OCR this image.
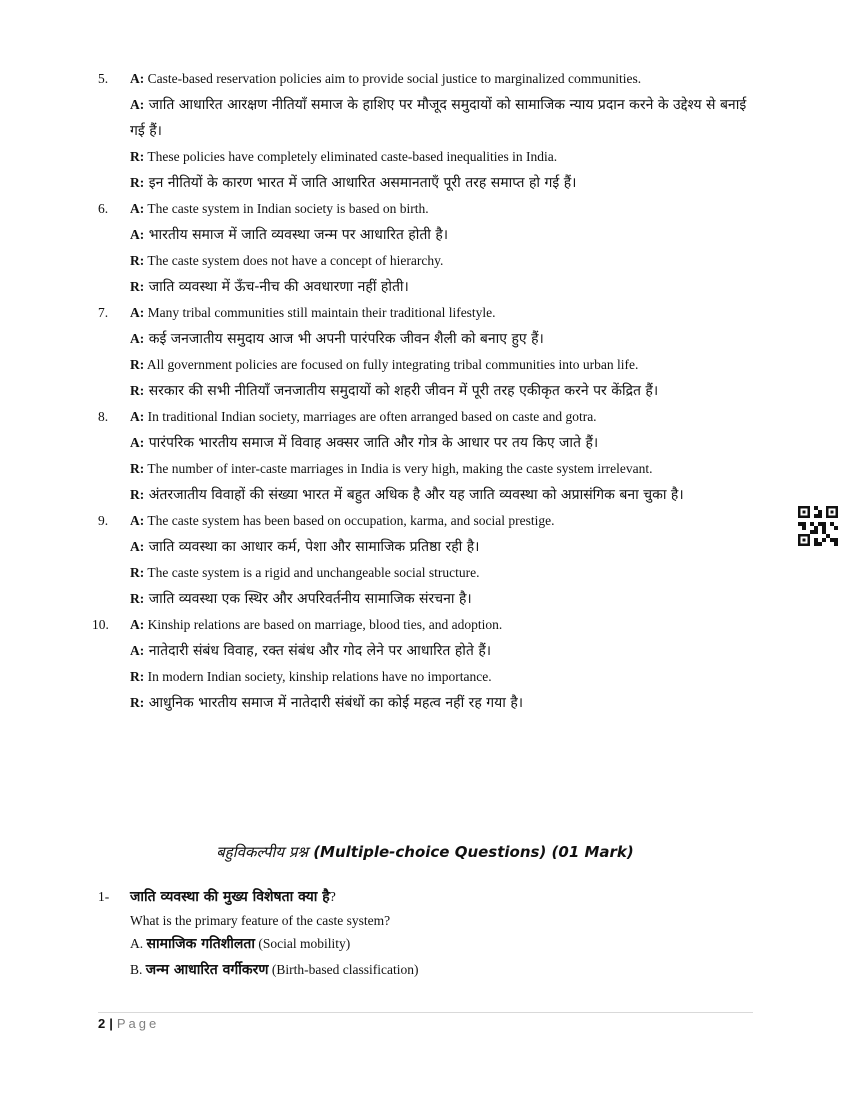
5.	A: Caste-based reservation policies aim to provide social justice to marginalized communities.
A: जाति आधारित आरक्षण नीतियाँ समाज के हाशिए पर मौजूद समुदायों को सामाजिक न्याय प्रदान करने के उद्देश्य से बनाई गई हैं।
R: These policies have completely eliminated caste-based inequalities in India.
R: इन नीतियों के कारण भारत में जाति आधारित असमानताएँ पूरी तरह समाप्त हो गई हैं।
6.	A: The caste system in Indian society is based on birth.
A: भारतीय समाज में जाति व्यवस्था जन्म पर आधारित होती है।
R: The caste system does not have a concept of hierarchy.
R: जाति व्यवस्था में ऊँच-नीच की अवधारणा नहीं होती।
7.	A: Many tribal communities still maintain their traditional lifestyle.
A: कई जनजातीय समुदाय आज भी अपनी पारंपरिक जीवन शैली को बनाए हुए हैं।
R: All government policies are focused on fully integrating tribal communities into urban life.
R: सरकार की सभी नीतियाँ जनजातीय समुदायों को शहरी जीवन में पूरी तरह एकीकृत करने पर केंद्रित हैं।
8.	A: In traditional Indian society, marriages are often arranged based on caste and gotra.
A: पारंपरिक भारतीय समाज में विवाह अक्सर जाति और गोत्र के आधार पर तय किए जाते हैं।
R: The number of inter-caste marriages in India is very high, making the caste system irrelevant.
R: अंतरजातीय विवाहों की संख्या भारत में बहुत अधिक है और यह जाति व्यवस्था को अप्रासंगिक बना चुका है।
9.	A: The caste system has been based on occupation, karma, and social prestige.
A: जाति व्यवस्था का आधार कर्म, पेशा और सामाजिक प्रतिष्ठा रही है।
R: The caste system is a rigid and unchangeable social structure.
R: जाति व्यवस्था एक स्थिर और अपरिवर्तनीय सामाजिक संरचना है।
10.	A: Kinship relations are based on marriage, blood ties, and adoption.
A: नातेदारी संबंध विवाह, रक्त संबंध और गोद लेने पर आधारित होते हैं।
R: In modern Indian society, kinship relations have no importance.
R: आधुनिक भारतीय समाज में नातेदारी संबंधों का कोई महत्व नहीं रह गया है।
बहुविकल्पीय प्रश्न (Multiple-choice Questions) (01 Mark)
1-	जाति व्यवस्था की मुख्य विशेषता क्या है?
What is the primary feature of the caste system?
A. सामाजिक गतिशीलता (Social mobility)
B. जन्म आधारित वर्गीकरण (Birth-based classification)
2 | Page
